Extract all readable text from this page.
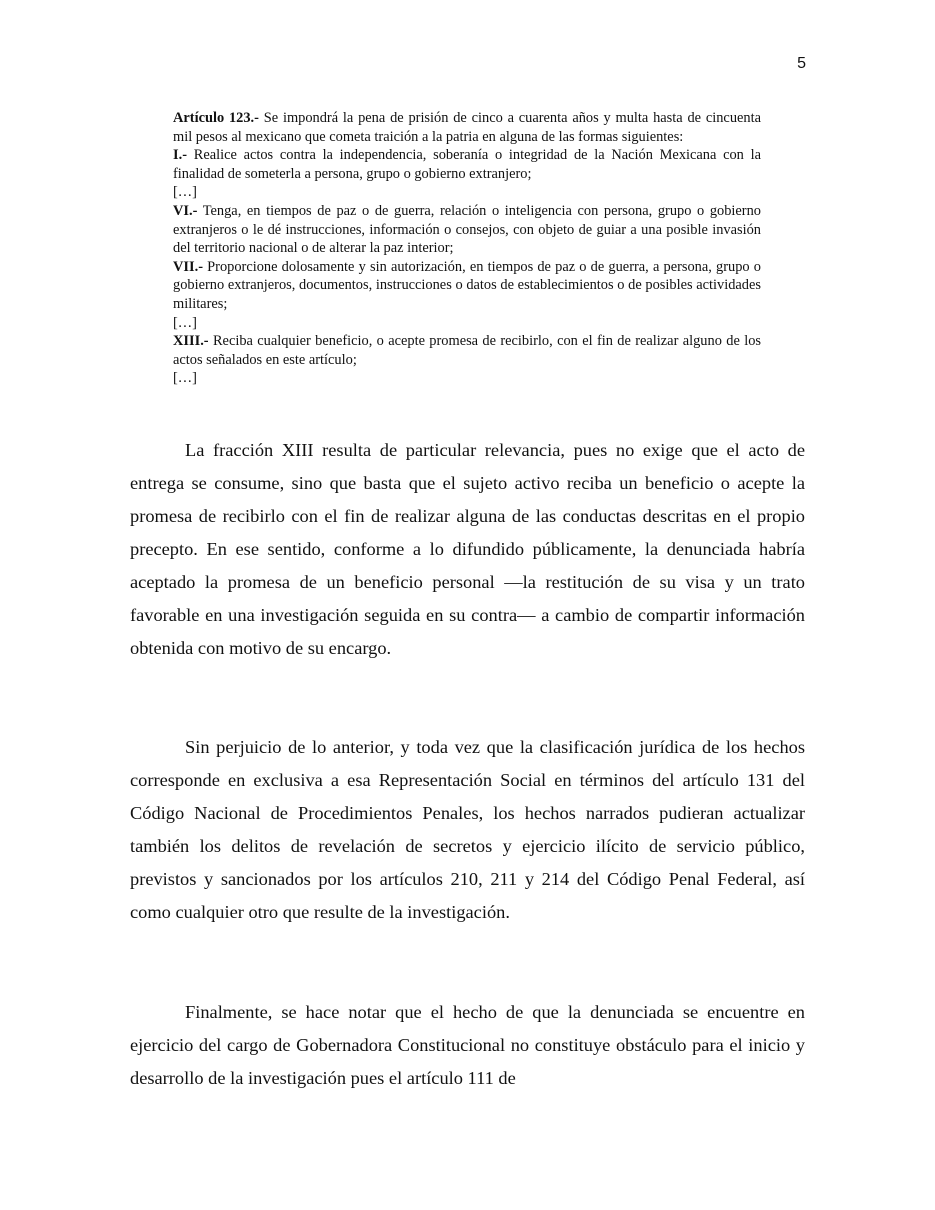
5

Artículo 123.- Se impondrá la pena de prisión de cinco a cuarenta años y multa hasta de cincuenta mil pesos al mexicano que cometa traición a la patria en alguna de las formas siguientes:

I.- Realice actos contra la independencia, soberanía o integridad de la Nación Mexicana con la finalidad de someterla a persona, grupo o gobierno extranjero;

[…]

VI.- Tenga, en tiempos de paz o de guerra, relación o inteligencia con persona, grupo o gobierno extranjeros o le dé instrucciones, información o consejos, con objeto de guiar a una posible invasión del territorio nacional o de alterar la paz interior;

VII.- Proporcione dolosamente y sin autorización, en tiempos de paz o de guerra, a persona, grupo o gobierno extranjeros, documentos, instrucciones o datos de establecimientos o de posibles actividades militares;

[…]

XIII.- Reciba cualquier beneficio, o acepte promesa de recibirlo, con el fin de realizar alguno de los actos señalados en este artículo;

[…]

La fracción XIII resulta de particular relevancia, pues no exige que el acto de entrega se consume, sino que basta que el sujeto activo reciba un beneficio o acepte la promesa de recibirlo con el fin de realizar alguna de las conductas descritas en el propio precepto. En ese sentido, conforme a lo difundido públicamente, la denunciada habría aceptado la promesa de un beneficio personal —la restitución de su visa y un trato favorable en una investigación seguida en su contra— a cambio de compartir información obtenida con motivo de su encargo.

Sin perjuicio de lo anterior, y toda vez que la clasificación jurídica de los hechos corresponde en exclusiva a esa Representación Social en términos del artículo 131 del Código Nacional de Procedimientos Penales, los hechos narrados pudieran actualizar también los delitos de revelación de secretos y ejercicio ilícito de servicio público, previstos y sancionados por los artículos 210, 211 y 214 del Código Penal Federal, así como cualquier otro que resulte de la investigación.

Finalmente, se hace notar que el hecho de que la denunciada se encuentre en ejercicio del cargo de Gobernadora Constitucional no constituye obstáculo para el inicio y desarrollo de la investigación pues el artículo 111 de
